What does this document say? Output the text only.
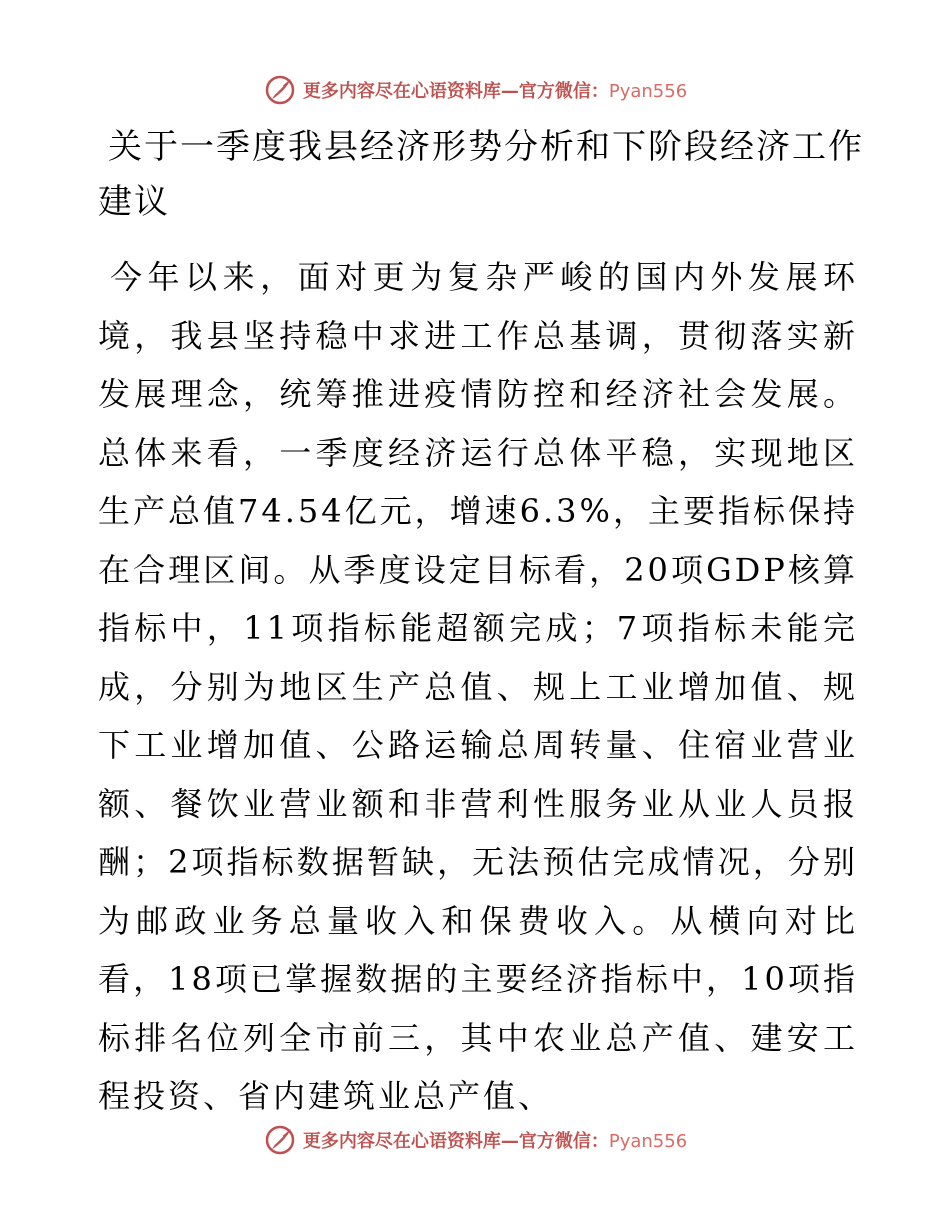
更多内容尽在心语资料库—官方微信：Pyan556
关于一季度我县经济形势分析和下阶段经济工作建议

今年以来，面对更为复杂严峻的国内外发展环境，我县坚持稳中求进工作总基调，贯彻落实新发展理念，统筹推进疫情防控和经济社会发展。总体来看，一季度经济运行总体平稳，实现地区生产总值74.54亿元，增速6.3%，主要指标保持在合理区间。从季度设定目标看，20项GDP核算指标中，11项指标能超额完成；7项指标未能完成，分别为地区生产总值、规上工业增加值、规下工业增加值、公路运输总周转量、住宿业营业额、餐饮业营业额和非营利性服务业从业人员报酬；2项指标数据暂缺，无法预估完成情况，分别为邮政业务总量收入和保费收入。从横向对比看，18项已掌握数据的主要经济指标中，10项指标排名位列全市前三，其中农业总产值、建安工程投资、省内建筑业总产值、

更多内容尽在心语资料库—官方微信：Pyan556
